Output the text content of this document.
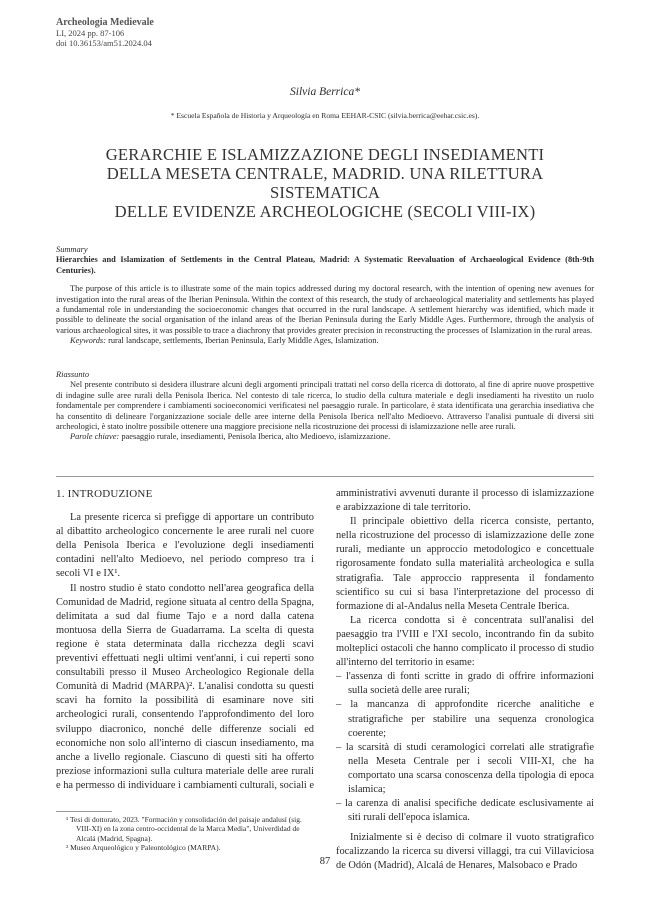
Archeologia Medievale
LI, 2024 pp. 87-106
doi 10.36153/am51.2024.04
Silvia Berrica*
* Escuela Española de Historia y Arqueología en Roma EEHAR-CSIC (silvia.berrica@eehar.csic.es).
GERARCHIE E ISLAMIZZAZIONE DEGLI INSEDIAMENTI
DELLA MESETA CENTRALE, MADRID. UNA RILETTURA SISTEMATICA
DELLE EVIDENZE ARCHEOLOGICHE (SECOLI VIII-IX)
Summary
Hierarchies and Islamization of Settlements in the Central Plateau, Madrid: A Systematic Reevaluation of Archaeological Evidence (8th-9th Centuries).

The purpose of this article is to illustrate some of the main topics addressed during my doctoral research, with the intention of opening new avenues for investigation into the rural areas of the Iberian Peninsula. Within the context of this research, the study of archaeological materiality and settlements has played a fundamental role in understanding the socioeconomic changes that occurred in the rural landscape. A settlement hierarchy was identified, which made it possible to delineate the social organisation of the inland areas of the Iberian Peninsula during the Early Middle Ages. Furthermore, through the analysis of various archaeological sites, it was possible to trace a diachrony that provides greater precision in reconstructing the processes of Islamization in the rural areas.

Keywords: rural landscape, settlements, Iberian Peninsula, Early Middle Ages, Islamization.
Riassunto

Nel presente contributo si desidera illustrare alcuni degli argomenti principali trattati nel corso della ricerca di dottorato, al fine di aprire nuove prospettive di indagine sulle aree rurali della Penisola Iberica. Nel contesto di tale ricerca, lo studio della cultura materiale e degli insediamenti ha rivestito un ruolo fondamentale per comprendere i cambiamenti socioeconomici verificatesi nel paesaggio rurale. In particolare, è stata identificata una gerarchia insediativa che ha consentito di delineare l'organizzazione sociale delle aree interne della Penisola Iberica nell'alto Medioevo. Attraverso l'analisi puntuale di diversi siti archeologici, è stato inoltre possibile ottenere una maggiore precisione nella ricostruzione dei processi di islamizzazione nelle aree rurali.

Parole chiave: paesaggio rurale, insediamenti, Penisola Iberica, alto Medioevo, islamizzazione.

1. INTRODUZIONE

La presente ricerca si prefigge di apportare un contributo al dibattito archeologico concernente le aree rurali nel cuore della Penisola Iberica e l'evoluzione degli insediamenti contadini nell'alto Medioevo, nel periodo compreso tra i secoli VI e IX¹.

Il nostro studio è stato condotto nell'area geografica della Comunidad de Madrid, regione situata al centro della Spagna, delimitata a sud dal fiume Tajo e a nord dalla catena montuosa della Sierra de Guadarrama. La scelta di questa regione è stata determinata dalla ricchezza degli scavi preventivi effettuati negli ultimi vent'anni, i cui reperti sono consultabili presso il Museo Archeologico Regionale della Comunità di Madrid (MARPA)². L'analisi condotta su questi scavi ha fornito la possibilità di esaminare nove siti archeologici rurali, consentendo l'approfondimento del loro sviluppo diacronico, nonché delle differenze sociali ed economiche non solo all'interno di ciascun insediamento, ma anche a livello regionale. Ciascuno di questi siti ha offerto preziose informazioni sulla cultura materiale delle aree rurali e ha permesso di individuare i cambiamenti culturali, sociali e

amministrativi avvenuti durante il processo di islamizzazione e arabizzazione di tale territorio.

Il principale obiettivo della ricerca consiste, pertanto, nella ricostruzione del processo di islamizzazione delle zone rurali, mediante un approccio metodologico e concettuale rigorosamente fondato sulla materialità archeologica e sulla stratigrafia. Tale approccio rappresenta il fondamento scientifico su cui si basa l'interpretazione del processo di formazione di al-Andalus nella Meseta Centrale Iberica.

La ricerca condotta si è concentrata sull'analisi del paesaggio tra l'VIII e l'XI secolo, incontrando fin da subito molteplici ostacoli che hanno complicato il processo di studio all'interno del territorio in esame:

– l'assenza di fonti scritte in grado di offrire informazioni sulla società delle aree rurali;
– la mancanza di approfondite ricerche analitiche e stratigrafiche per stabilire una sequenza cronologica coerente;
– la scarsità di studi ceramologici correlati alle stratigrafie nella Meseta Centrale per i secoli VIII-XI, che ha comportato una scarsa conoscenza della tipologia di epoca islamica;
– la carenza di analisi specifiche dedicate esclusivamente ai siti rurali dell'epoca islamica.

Inizialmente si è deciso di colmare il vuoto stratigrafico focalizzando la ricerca su diversi villaggi, tra cui Villaviciosa de Odón (Madrid), Alcalá de Henares, Malsobaco e Prado

¹ Tesi di dottorato, 2023. "Formación y consolidación del paisaje andalusí (sig. VIII-XI) en la zona centro-occidental de la Marca Media", Univerdidad de Alcalá (Madrid, Spagna).
² Museo Arqueológico y Paleontológico (MARPA).
87
